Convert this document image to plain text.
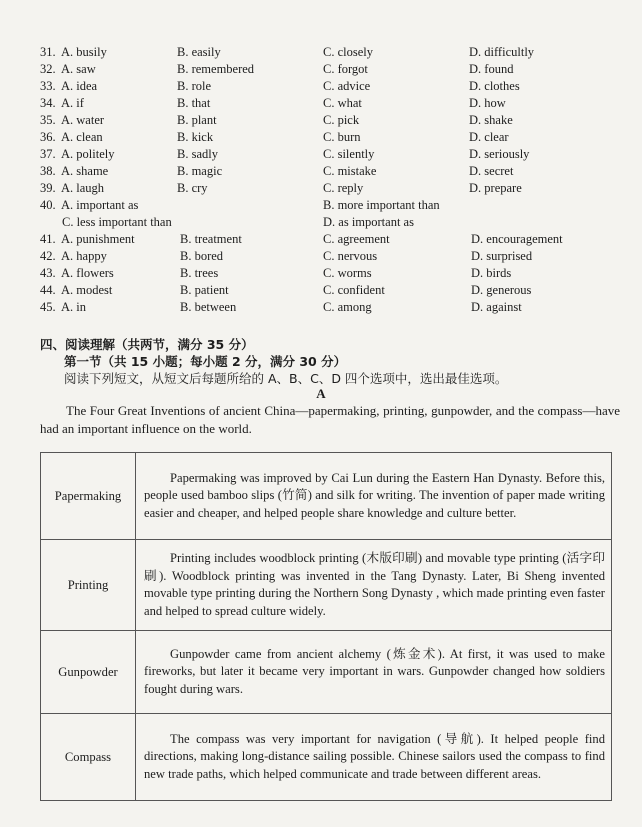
31. A. busily	B. easily	C. closely	D. difficultly
32. A. saw	B. remembered	C. forgot	D. found
33. A. idea	B. role	C. advice	D. clothes
34. A. if	B. that	C. what	D. how
35. A. water	B. plant	C. pick	D. shake
36. A. clean	B. kick	C. burn	D. clear
37. A. politely	B. sadly	C. silently	D. seriously
38. A. shame	B. magic	C. mistake	D. secret
39. A. laugh	B. cry	C. reply	D. prepare
40. A. important as	B. more important than
C. less important than	D. as important as
41. A. punishment	B. treatment	C. agreement	D. encouragement
42. A. happy	B. bored	C. nervous	D. surprised
43. A. flowers	B. trees	C. worms	D. birds
44. A. modest	B. patient	C. confident	D. generous
45. A. in	B. between	C. among	D. against
四、阅读理解（共两节，满分 35 分）
第一节（共 15 小题；每小题 2 分，满分 30 分）
阅读下列短文，从短文后每题所给的 A、B、C、D 四个选项中，选出最佳选项。
A
The Four Great Inventions of ancient China—papermaking, printing, gunpowder, and the compass—have had an important influence on the world.
Papermaking	Papermaking was improved by Cai Lun during the Eastern Han Dynasty. Before this, people used bamboo slips (竹简) and silk for writing. The invention of paper made writing easier and cheaper, and helped people share knowledge and culture better.
Printing	Printing includes woodblock printing (木版印刷) and movable type printing (活字印刷). Woodblock printing was invented in the Tang Dynasty. Later, Bi Sheng invented movable type printing during the Northern Song Dynasty , which made printing even faster and helped to spread culture widely.
Gunpowder	Gunpowder came from ancient alchemy (炼金术). At first, it was used to make fireworks, but later it became very important in wars. Gunpowder changed how soldiers fought during wars.
Compass	The compass was very important for navigation (导航). It helped people find directions, making long-distance sailing possible. Chinese sailors used the compass to find new trade paths, which helped communicate and trade between different areas.
